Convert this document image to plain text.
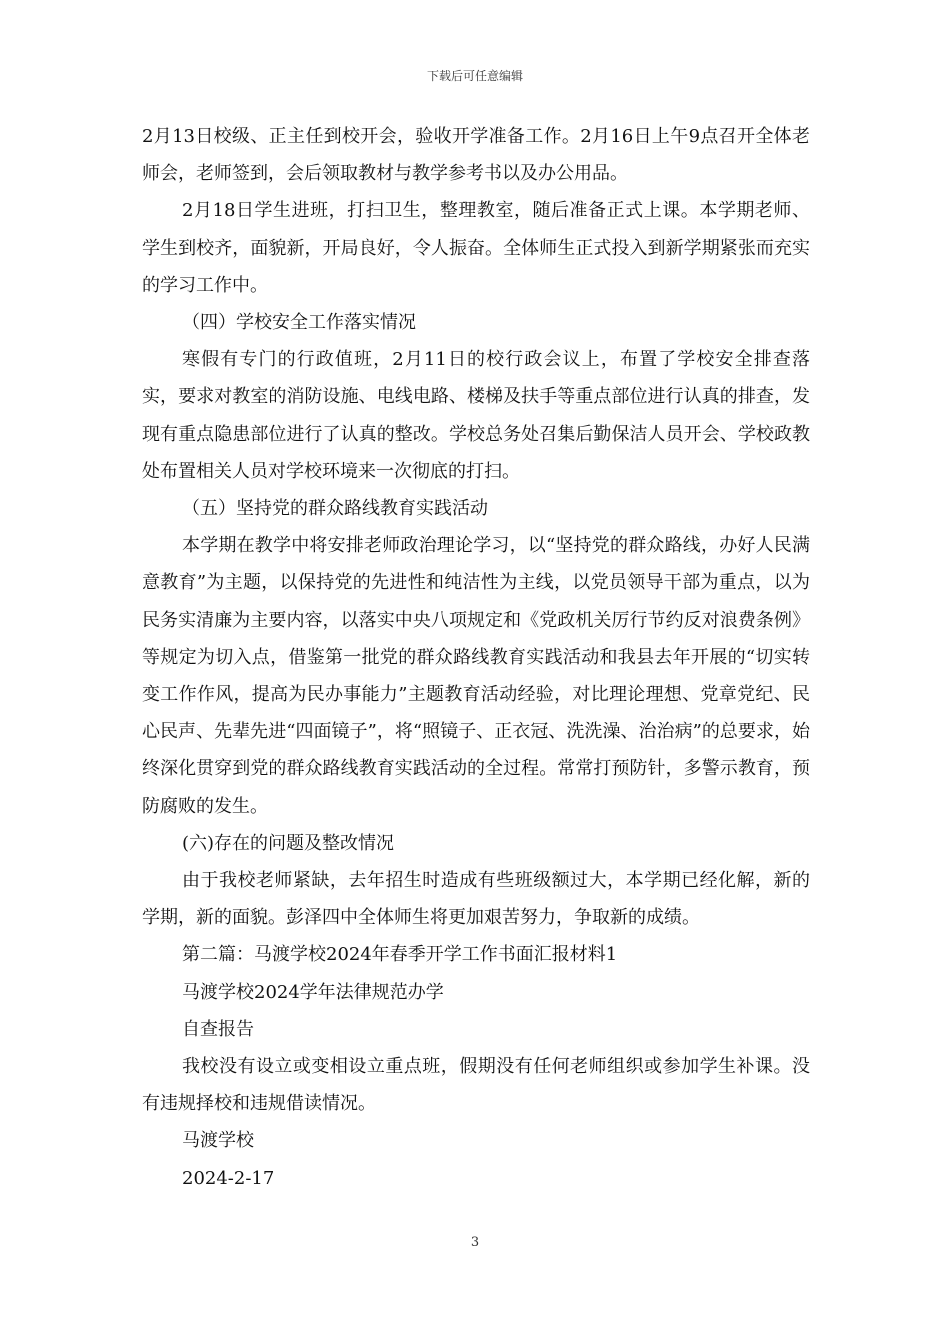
下载后可任意编辑

2月13日校级、正主任到校开会，验收开学准备工作。2月16日上午9点召开全体老师会，老师签到，会后领取教材与教学参考书以及办公用品。

2月18日学生进班，打扫卫生，整理教室，随后准备正式上课。本学期老师、学生到校齐，面貌新，开局良好，令人振奋。全体师生正式投入到新学期紧张而充实的学习工作中。

（四）学校安全工作落实情况

寒假有专门的行政值班，2月11日的校行政会议上，布置了学校安全排查落实，要求对教室的消防设施、电线电路、楼梯及扶手等重点部位进行认真的排查，发现有重点隐患部位进行了认真的整改。学校总务处召集后勤保洁人员开会、学校政教处布置相关人员对学校环境来一次彻底的打扫。

（五）坚持党的群众路线教育实践活动

本学期在教学中将安排老师政治理论学习，以“坚持党的群众路线，办好人民满意教育”为主题，以保持党的先进性和纯洁性为主线，以党员领导干部为重点，以为民务实清廉为主要内容，以落实中央八项规定和《党政机关厉行节约反对浪费条例》等规定为切入点，借鉴第一批党的群众路线教育实践活动和我县去年开展的“切实转变工作作风，提高为民办事能力”主题教育活动经验，对比理论理想、党章党纪、民心民声、先辈先进“四面镜子”，将“照镜子、正衣冠、洗洗澡、治治病”的总要求，始终深化贯穿到党的群众路线教育实践活动的全过程。常常打预防针，多警示教育，预防腐败的发生。

(六)存在的问题及整改情况

由于我校老师紧缺，去年招生时造成有些班级额过大，本学期已经化解，新的学期，新的面貌。彭泽四中全体师生将更加艰苦努力，争取新的成绩。

第二篇：马渡学校2024年春季开学工作书面汇报材料1

马渡学校2024学年法律规范办学

自查报告

我校没有设立或变相设立重点班，假期没有任何老师组织或参加学生补课。没有违规择校和违规借读情况。

马渡学校

2024-2-17

3
